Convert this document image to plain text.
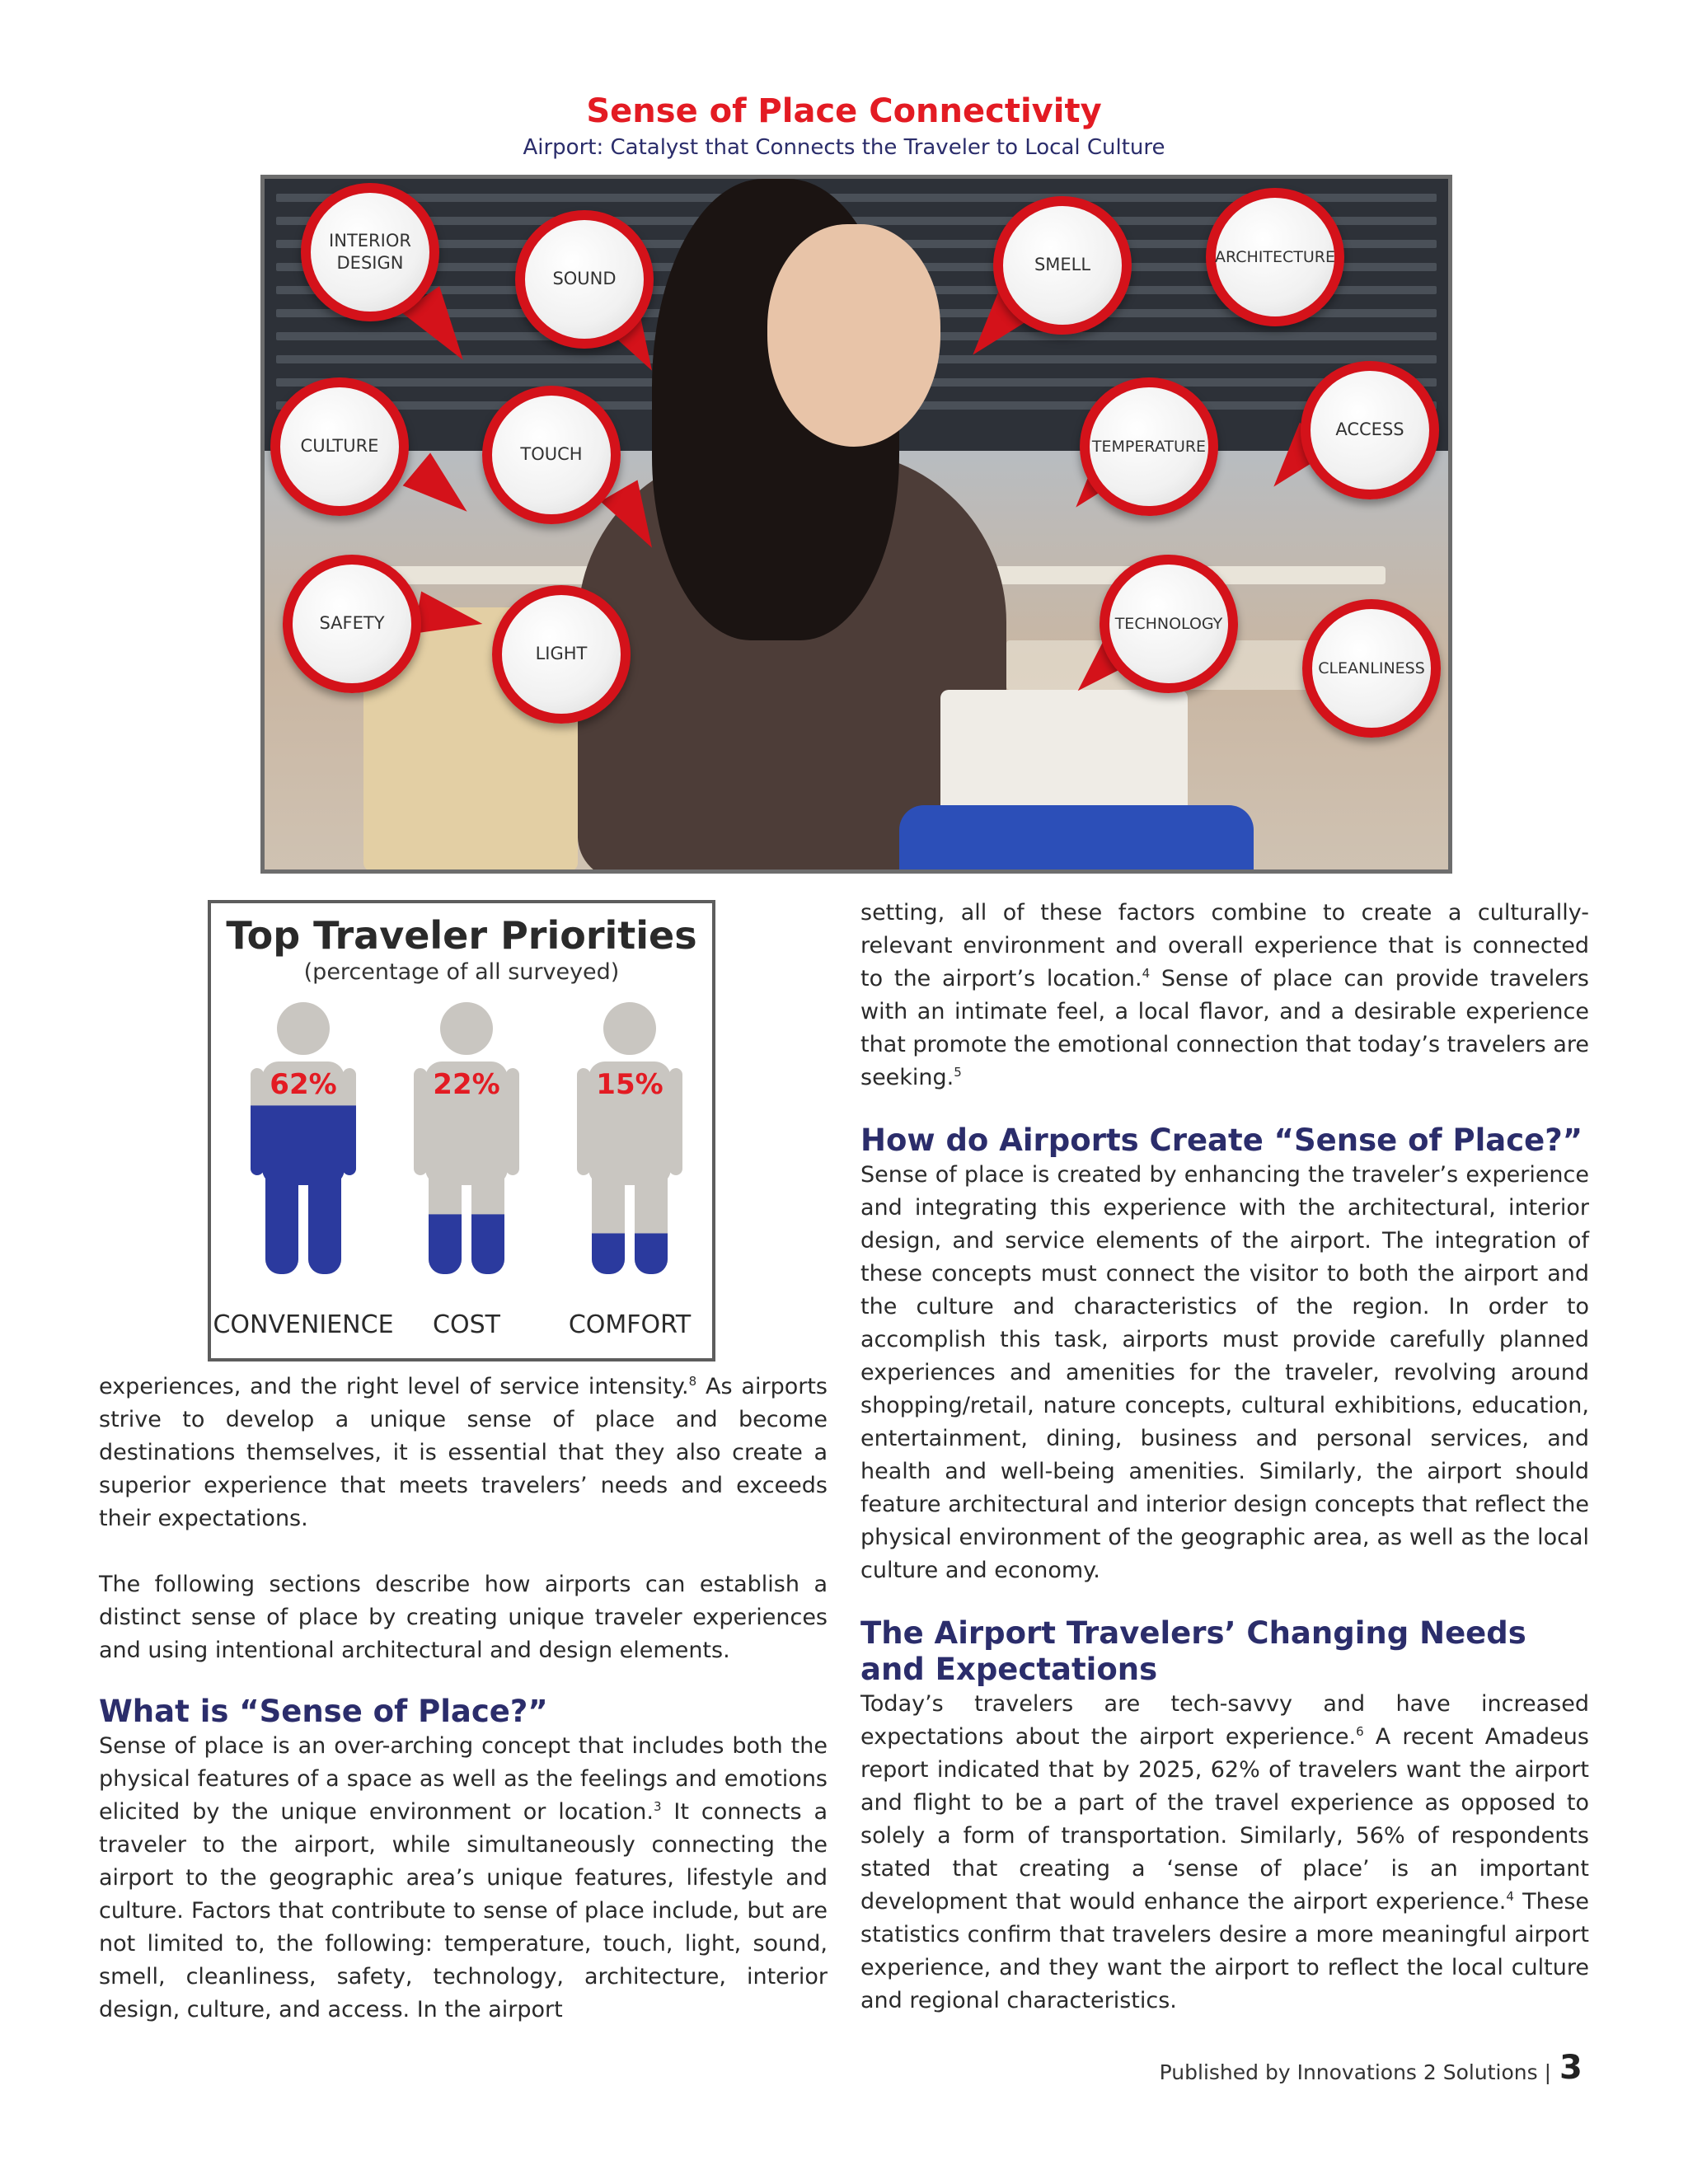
Sense of Place Connectivity
Airport: Catalyst that Connects the Traveler to Local Culture
INTERIOR DESIGN
SOUND
SMELL	ARCHITECTURE
CULTURE	TOUCH	TEMPERATURE
ACCESS
SAFETY
LIGHT
TECHNOLOGY
CLEANLINESS
Top Traveler Priorities
(percentage of all surveyed)
62%	22%	15%
CONVENIENCE	COST	COMFORT

experiences, and the right level of service intensity.$^8$ As airports strive to develop a unique sense of place and become destinations themselves, it is essential that they also create a superior experience that meets travelers’ needs and exceeds their expectations.

The following sections describe how airports can establish a distinct sense of place by creating unique traveler experiences and using intentional architectural and design elements.

What is “Sense of Place?”

Sense of place is an over-arching concept that includes both the physical features of a space as well as the feelings and emotions elicited by the unique environment or location.$^3$ It connects a traveler to the airport, while simultaneously connecting the airport to the geographic area’s unique features, lifestyle and culture. Factors that contribute to sense of place include, but are not limited to, the following: temperature, touch, light, sound, smell, cleanliness, safety, technology, architecture, interior design, culture, and access. In the airport

setting, all of these factors combine to create a culturally-relevant environment and overall experience that is connected to the airport’s location.$^4$ Sense of place can provide travelers with an intimate feel, a local flavor, and a desirable experience that promote the emotional connection that today’s travelers are seeking.$^5$

How do Airports Create “Sense of Place?”

Sense of place is created by enhancing the traveler’s experience and integrating this experience with the architectural, interior design, and service elements of the airport. The integration of these concepts must connect the visitor to both the airport and the culture and characteristics of the region. In order to accomplish this task, airports must provide carefully planned experiences and amenities for the traveler, revolving around shopping/retail, nature concepts, cultural exhibitions, education, entertainment, dining, business and personal services, and health and well-being amenities. Similarly, the airport should feature architectural and interior design concepts that reflect the physical environment of the geographic area, as well as the local culture and economy.

The Airport Travelers’ Changing Needs
and Expectations

Today’s travelers are tech-savvy and have increased expectations about the airport experience.$^6$ A recent Amadeus report indicated that by 2025, 62% of travelers want the airport and flight to be a part of the travel experience as opposed to solely a form of transportation. Similarly, 56% of respondents stated that creating a ‘sense of place’ is an important development that would enhance the airport experience.$^4$ These statistics confirm that travelers desire a more meaningful airport experience, and they want the airport to reflect the local culture and regional characteristics.

Published by Innovations 2 Solutions | 3
